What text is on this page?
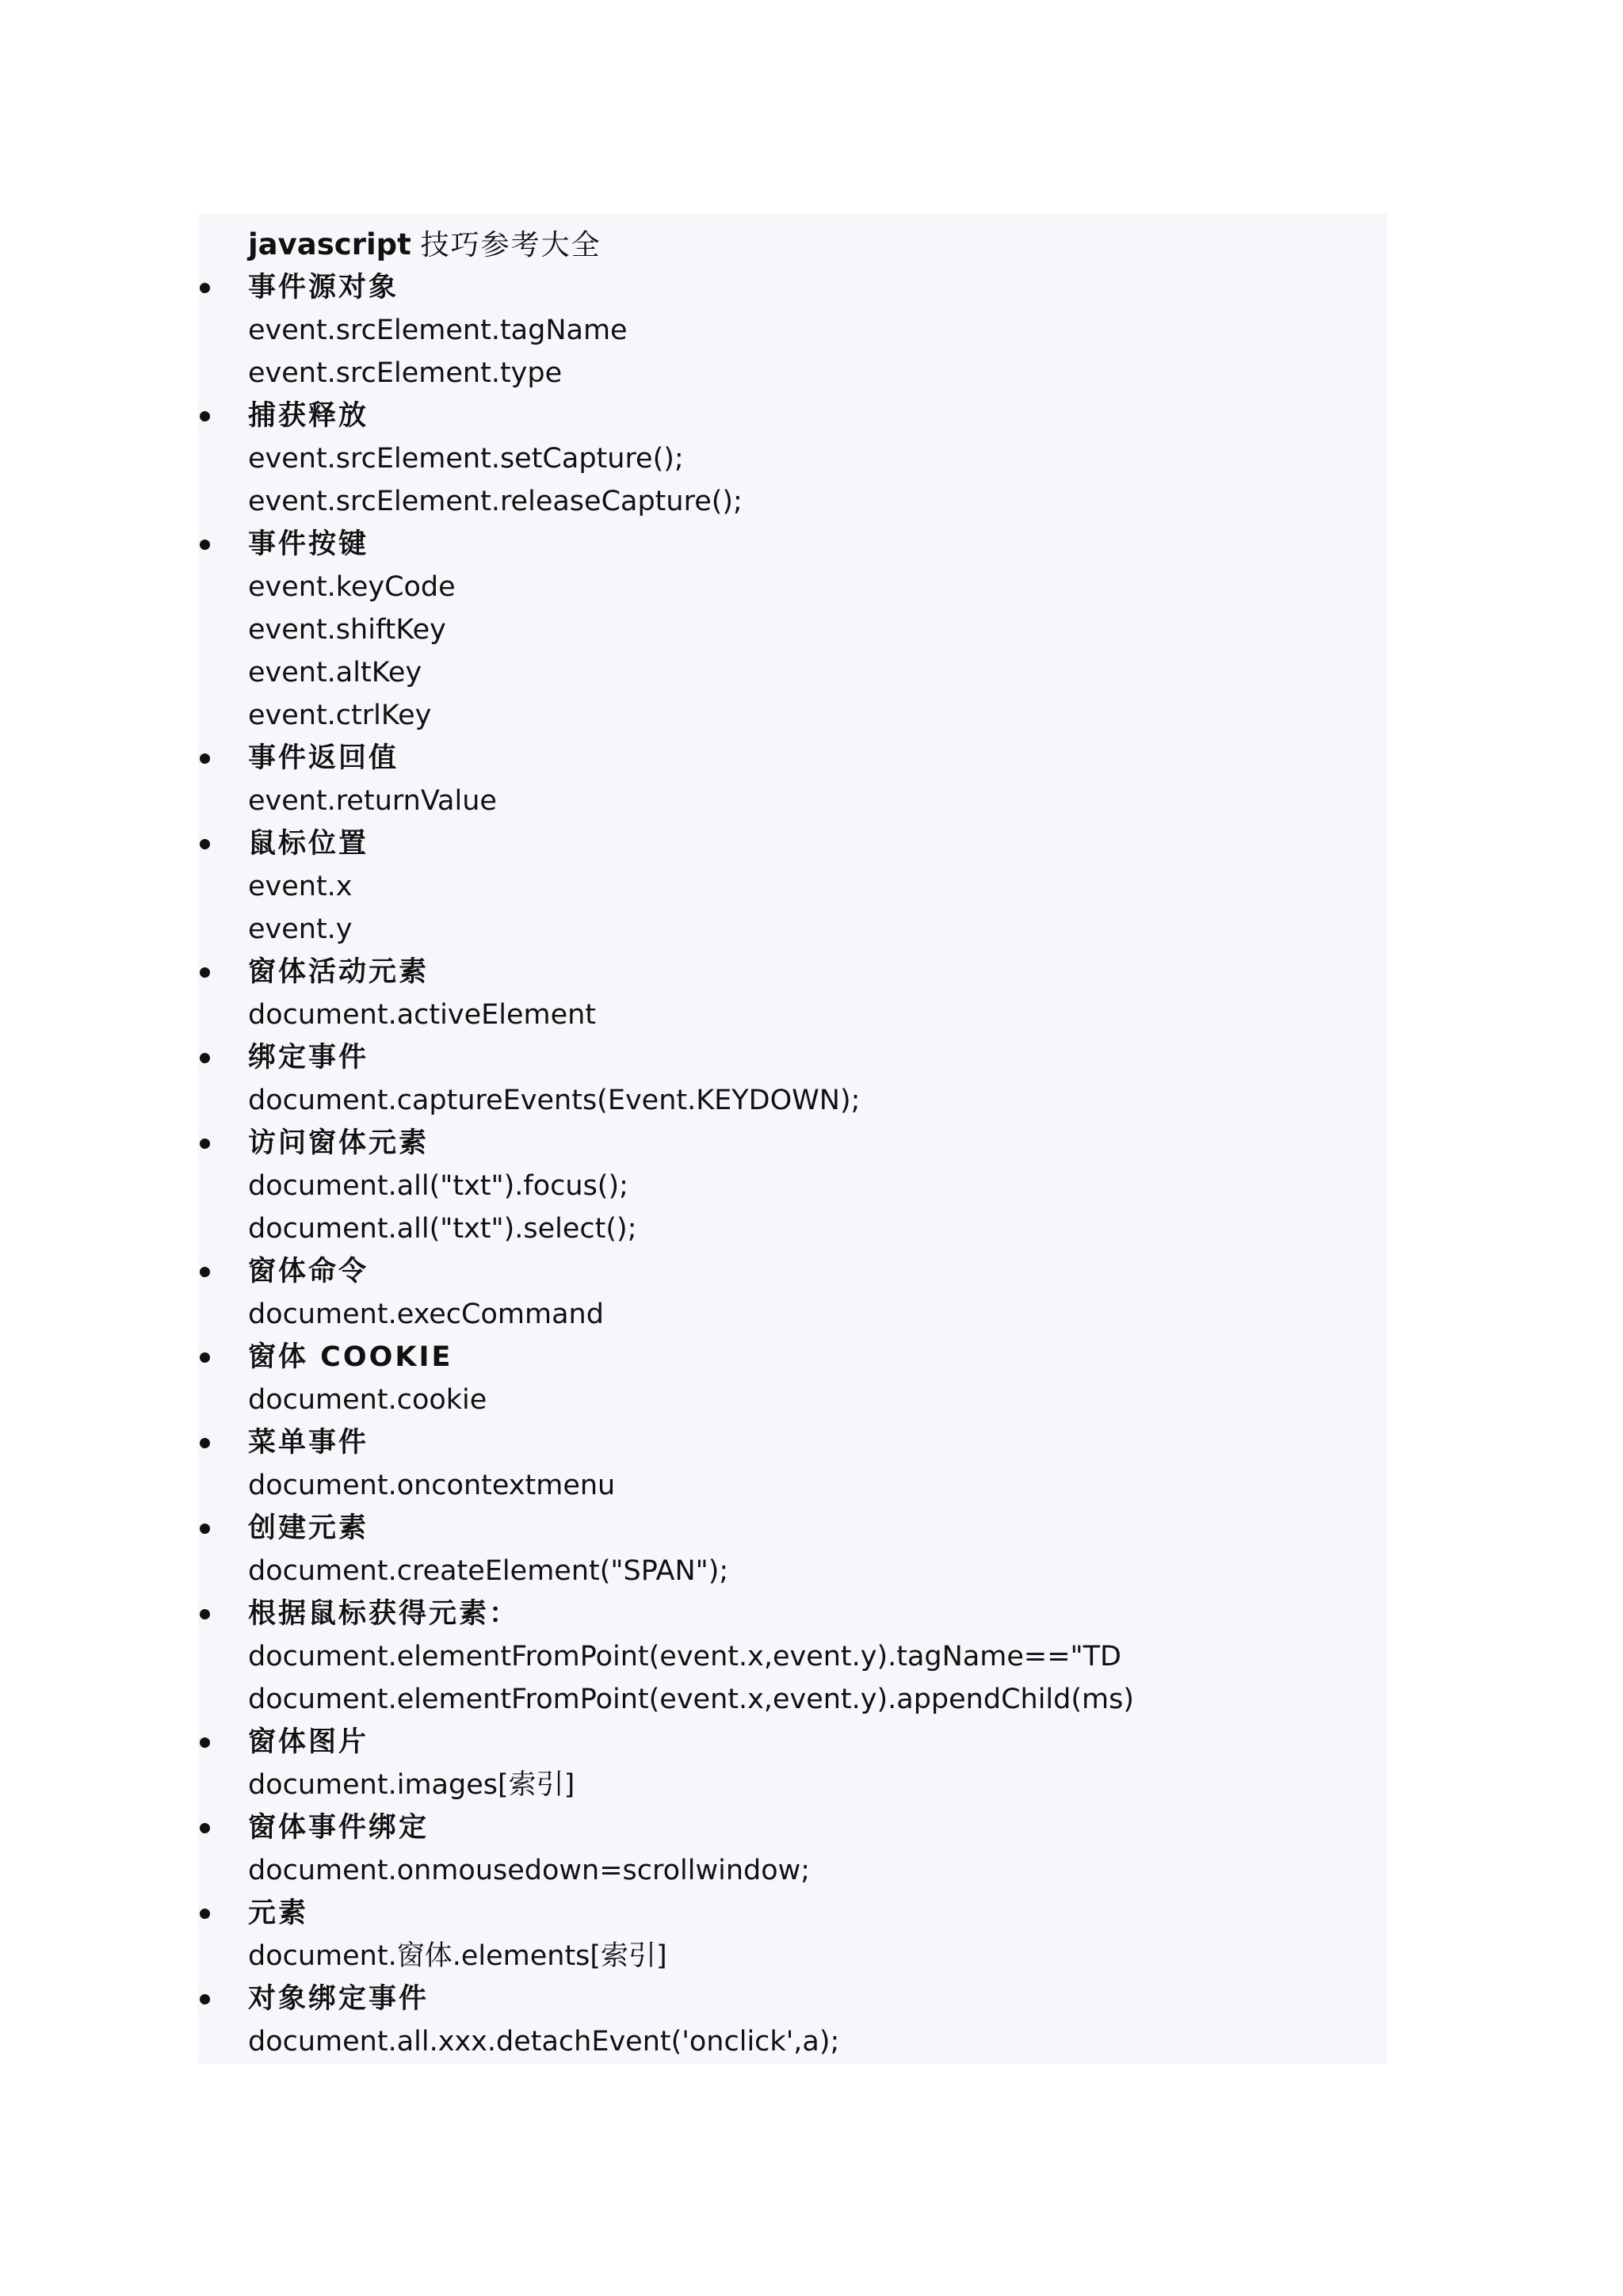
javascript 技巧参考大全
事件源对象
event.srcElement.tagName
event.srcElement.type
捕获释放
event.srcElement.setCapture();
event.srcElement.releaseCapture();
事件按键
event.keyCode
event.shiftKey
event.altKey
event.ctrlKey
事件返回值
event.returnValue
鼠标位置
event.x
event.y
窗体活动元素
document.activeElement
绑定事件
document.captureEvents(Event.KEYDOWN);
访问窗体元素
document.all("txt").focus();
document.all("txt").select();
窗体命令
document.execCommand
窗体 COOKIE
document.cookie
菜单事件
document.oncontextmenu
创建元素
document.createElement("SPAN");
根据鼠标获得元素：
document.elementFromPoint(event.x,event.y).tagName=="TD
document.elementFromPoint(event.x,event.y).appendChild(ms)
窗体图片
document.images[索引]
窗体事件绑定
document.onmousedown=scrollwindow;
元素
document.窗体.elements[索引]
对象绑定事件
document.all.xxx.detachEvent('onclick',a);
